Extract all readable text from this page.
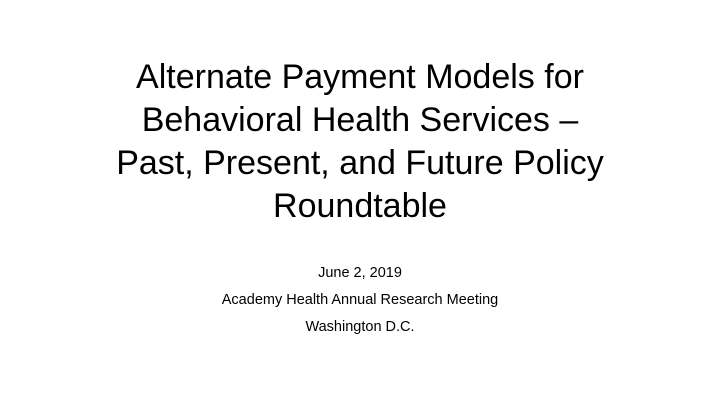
Alternate Payment Models for
Behavioral Health Services –
Past, Present, and Future Policy
Roundtable
June 2, 2019
Academy Health Annual Research Meeting
Washington D.C.
